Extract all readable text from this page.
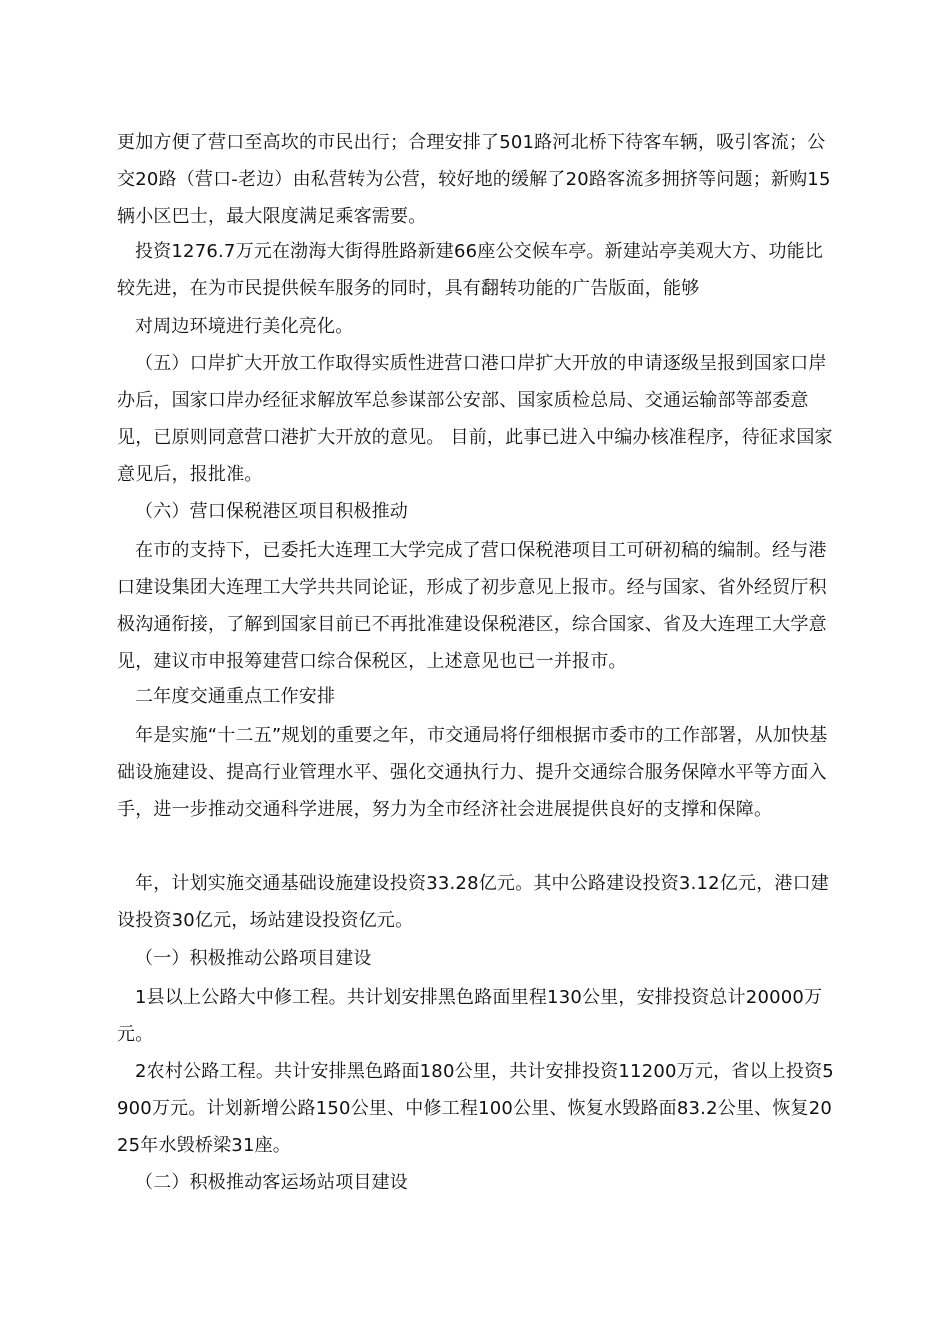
更加方便了营口至高坎的市民出行；合理安排了501路河北桥下待客车辆，吸引客流；公交20路（营口-老边）由私营转为公营，较好地的缓解了20路客流多拥挤等问题；新购15辆小区巴士，最大限度满足乘客需要。

投资1276.7万元在渤海大街得胜路新建66座公交候车亭。新建站亭美观大方、功能比较先进，在为市民提供候车服务的同时，具有翻转功能的广告版面，能够

对周边环境进行美化亮化。

（五）口岸扩大开放工作取得实质性进营口港口岸扩大开放的申请逐级呈报到国家口岸办后，国家口岸办经征求解放军总参谋部公安部、国家质检总局、交通运输部等部委意见，已原则同意营口港扩大开放的意见。 目前，此事已进入中编办核准程序，待征求国家意见后，报批准。

（六）营口保税港区项目积极推动

在市的支持下，已委托大连理工大学完成了营口保税港项目工可研初稿的编制。经与港口建设集团大连理工大学共共同论证，形成了初步意见上报市。经与国家、省外经贸厅积极沟通衔接，了解到国家目前已不再批准建设保税港区，综合国家、省及大连理工大学意见，建议市申报筹建营口综合保税区，上述意见也已一并报市。

二年度交通重点工作安排

年是实施“十二五”规划的重要之年，市交通局将仔细根据市委市的工作部署，从加快基础设施建设、提高行业管理水平、强化交通执行力、提升交通综合服务保障水平等方面入手，进一步推动交通科学进展，努力为全市经济社会进展提供良好的支撑和保障。

年，计划实施交通基础设施建设投资33.28亿元。其中公路建设投资3.12亿元，港口建设投资30亿元，场站建设投资亿元。

（一）积极推动公路项目建设

1县以上公路大中修工程。共计划安排黑色路面里程130公里，安排投资总计20000万元。

2农村公路工程。共计安排黑色路面180公里，共计安排投资11200万元，省以上投资5900万元。计划新增公路150公里、中修工程100公里、恢复水毁路面83.2公里、恢复2025年水毁桥梁31座。

（二）积极推动客运场站项目建设
